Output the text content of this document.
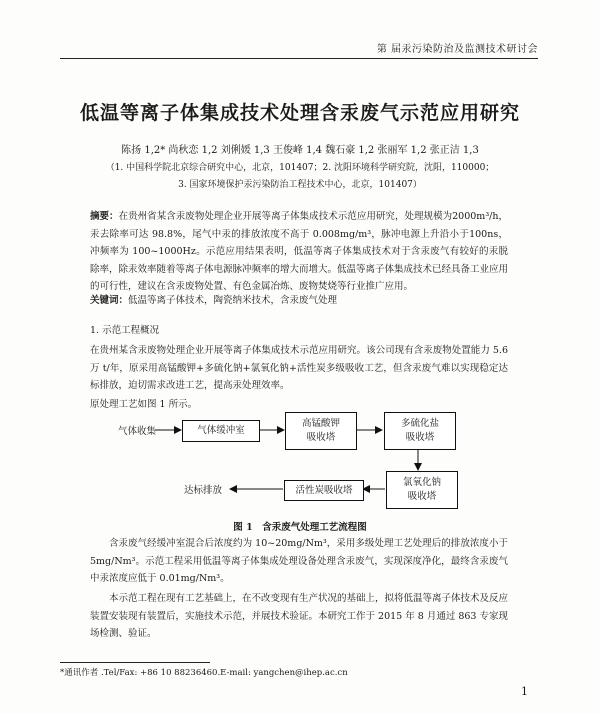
第 届汞污染防治及监测技术研讨会
低温等离子体集成技术处理含汞废气示范应用研究
陈扬 1,2* 尚秋恋 1,2 刘俐媛 1,3 王俊峰 1,4 魏石豪 1,2 张丽军 1,2 张正洁 1,3
（1. 中国科学院北京综合研究中心，北京，101407；2. 沈阳环境科学研究院，沈阳，110000；
3. 国家环境保护汞污染防治工程技术中心，北京，101407）
摘要：在贵州省某含汞废物处理企业开展等离子体集成技术示范应用研究，处理规模为2000m³/h，汞去除率可达 98.8%，尾气中汞的排放浓度不高于 0.008mg/m³，脉冲电源上升沿小于100ns，冲频率为 100~1000Hz。示范应用结果表明，低温等离子体集成技术对于含汞废气有较好的汞脱除率，除汞效率随着等离子体电源脉冲频率的增大而增大。低温等离子体集成技术已经具备工业应用的可行性，建议在含汞废物处置、有色金属冶炼、废物焚烧等行业推广应用。
关键词：低温等离子体技术，陶瓷纳米技术，含汞废气处理
1. 示范工程概况
在贵州某含汞废物处理企业开展等离子体集成技术示范应用研究。该公司现有含汞废物处置能力 5.6 万 t/年，原采用高锰酸钾+多硫化钠+氯氧化钠+活性炭多级吸收工艺，但含汞废气难以实现稳定达标排放，迫切需求改进工艺，提高汞处理效率。
原处理工艺如图 1 所示。
气体收集	气体缓冲室
高锰酸钾
吸收塔
多硫化盐
吸收塔
氯氧化钠
吸收塔
活性炭吸收塔
达标排放
图 1　含汞废气处理工艺流程图
含汞废气经缓冲室混合后浓度约为 10~20mg/Nm³，采用多级处理工艺处理后的排放浓度小于5mg/Nm³。示范工程采用低温等离子体集成处理设备处理含汞废气，实现深度净化，最终含汞废气中汞浓度应低于 0.01mg/Nm³。
本示范工程在现有工艺基础上，在不改变现有生产状况的基础上，拟将低温等离子体技术及反应装置安装现有装置后，实施技术示范，并展技术验证。本研究工作于 2015 年 8 月通过 863 专家现场检测、验证。
*通讯作者 .Tel/Fax: +86 10 88236460.E-mail: yangchen@ihep.ac.cn
1
